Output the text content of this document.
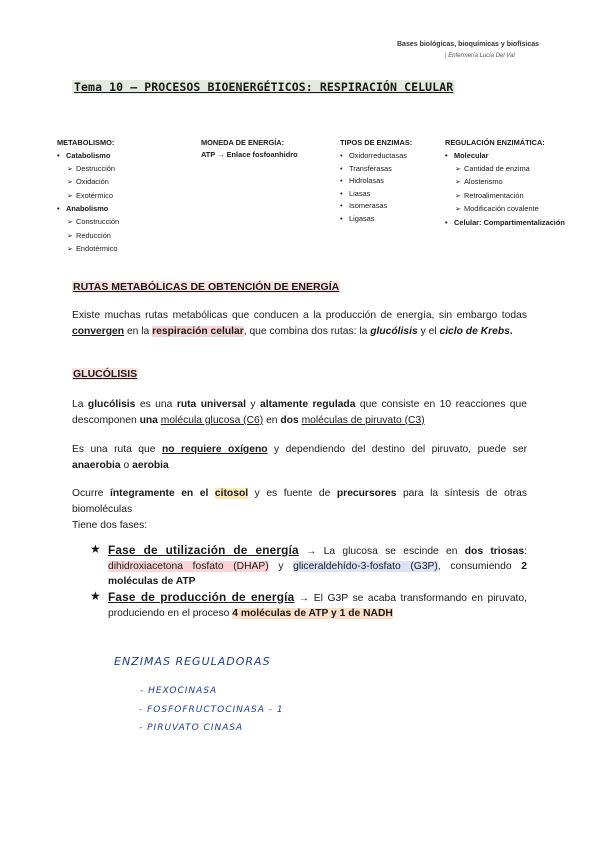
Bases biológicas, bioquímicas y biofísicas
| Enfermería Lucia Del Val
Tema 10 – PROCESOS BIOENERGÉTICOS: RESPIRACIÓN CELULAR
METABOLISMO:
• Catabolismo
➢ Destrucción
➢ Oxidación
➢ Exotérmico
• Anabolismo
➢ Construcción
➢ Reducción
➢ Endotérmico
MONEDA DE ENERGÍA:
ATP → Enlace fosfoanhidro
TIPOS DE ENZIMAS:
• Oxidorreductasas
• Transferasas
• Hidrolasas
• Liasas
• Isomerasas
• Ligasas
REGULACIÓN ENZIMÁTICA:
• Molecular
➢ Cantidad de enzima
➢ Alosterismo
➢ Retroalimentación
➢ Modificación covalente
• Celular: Compartimentalización
RUTAS METABÓLICAS DE OBTENCIÓN DE ENERGÍA
Existe muchas rutas metabólicas que conducen a la producción de energía, sin embargo todas convergen en la respiración celular, que combina dos rutas: la glucólisis y el ciclo de Krebs.
GLUCÓLISIS
La glucólisis es una ruta universal y altamente regulada que consiste en 10 reacciones que descomponen una molécula glucosa (C6) en dos moléculas de piruvato (C3)
Es una ruta que no requiere oxígeno y dependiendo del destino del piruvato, puede ser anaerobia o aerobia
Ocurre íntegramente en el citosol y es fuente de precursores para la síntesis de otras biomoléculas
Tiene dos fases:
★ Fase de utilización de energía → La glucosa se escinde en dos triosas: dihidroxiacetona fosfato (DHAP) y gliceraldehído-3-fosfato (G3P), consumiendo 2 moléculas de ATP
★ Fase de producción de energía → El G3P se acaba transformando en piruvato, produciendo en el proceso 4 moléculas de ATP y 1 de NADH
ENZIMAS REGULADORAS
- HEXOCINASA
- FOSFOFRUCTOCINASA - 1
- PIRUVATO CINASA
